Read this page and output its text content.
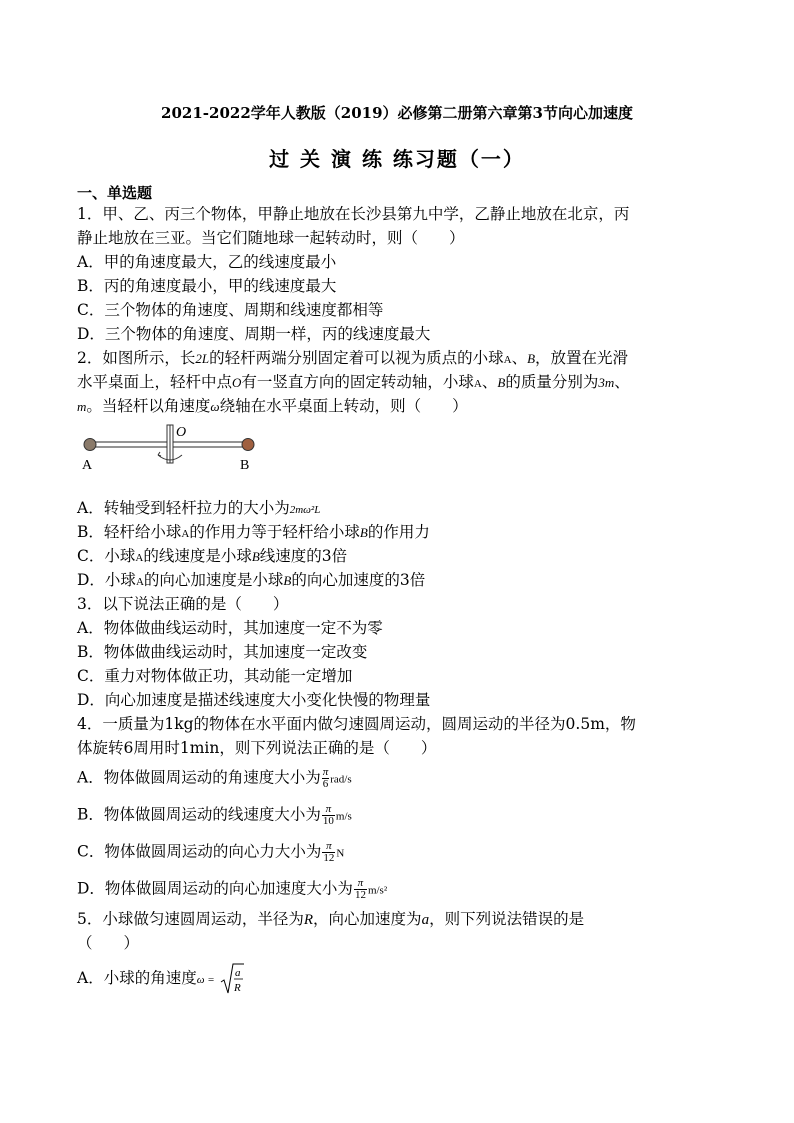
2021-2022学年人教版（2019）必修第二册第六章第3节向心加速度
过 关 演 练 练习题（一）
一、单选题
1．甲、乙、丙三个物体，甲静止地放在长沙县第九中学，乙静止地放在北京，丙
静止地放在三亚。当它们随地球一起转动时，则（　　）
A．甲的角速度最大，乙的线速度最小
B．丙的角速度最小，甲的线速度最大
C．三个物体的角速度、周期和线速度都相等
D．三个物体的角速度、周期一样，丙的线速度最大
2．如图所示，长2L的轻杆两端分别固定着可以视为质点的小球A、B，放置在光滑
水平桌面上，轻杆中点O有一竖直方向的固定转动轴，小球A、B的质量分别为3m、
m。当轻杆以角速度ω绕轴在水平桌面上转动，则（　　）
O
A	B
A．转轴受到轻杆拉力的大小为2mω²L
B．轻杆给小球A的作用力等于轻杆给小球B的作用力
C．小球A的线速度是小球B线速度的3倍
D．小球A的向心加速度是小球B的向心加速度的3倍
3．以下说法正确的是（　　）
A．物体做曲线运动时，其加速度一定不为零
B．物体做曲线运动时，其加速度一定改变
C．重力对物体做正功，其动能一定增加
D．向心加速度是描述线速度大小变化快慢的物理量
4．一质量为1kg的物体在水平面内做匀速圆周运动，圆周运动的半径为0.5m，物
体旋转6周用时1min，则下列说法正确的是（　　）
A．物体做圆周运动的角速度大小为 $\frac{\pi}{6} rad/s$
B．物体做圆周运动的线速度大小为 $\frac{\pi}{10} m/s$
C．物体做圆周运动的向心力大小为 $\frac{\pi}{12}$ N
D．物体做圆周运动的向心加速度大小为 $\frac{\pi}{12} m/s^2$
5．小球做匀速圆周运动，半径为R，向心加速度为a，则下列说法错误的是
（　　）
A．小球的角速度ω =
a
R
